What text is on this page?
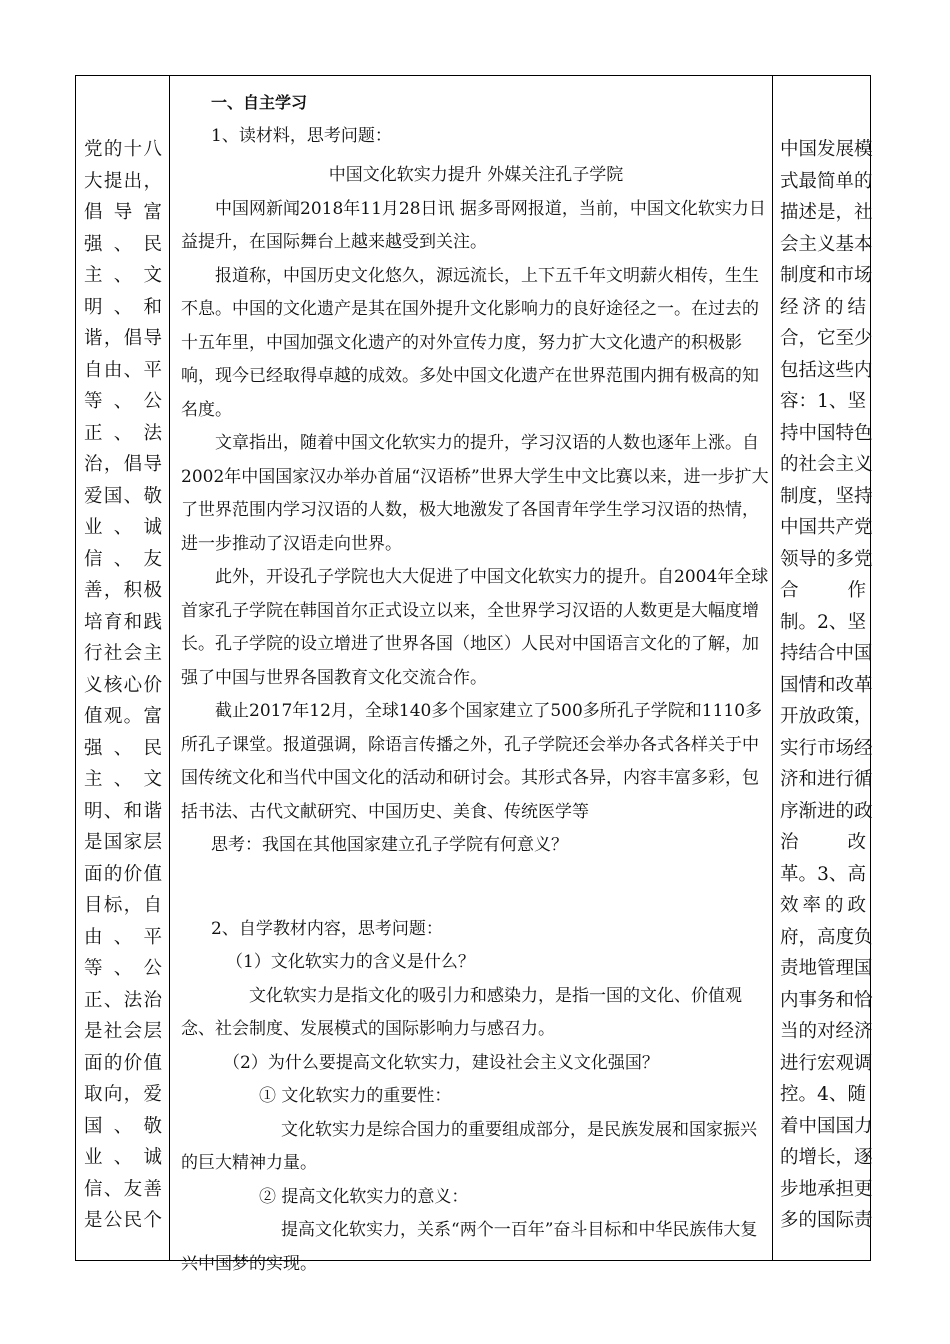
党的十八
大提出，
倡导富
强、民
主、文
明、和
谐，倡导
自由、平
等、公
正、法
治，倡导
爱国、敬
业、诚
信、友
善，积极
培育和践
行社会主
义核心价
值观。富
强、民
主、文
明、和谐
是国家层
面的价值
目标，自
由、平
等、公
正、法治
是社会层
面的价值
取向，爱
国、敬
业、诚
信、友善
是公民个

一、自主学习

1、读材料，思考问题：

中国文化软实力提升 外媒关注孔子学院

中国网新闻2018年11月28日讯 据多哥网报道，当前，中国文化软实力日益提升，在国际舞台上越来越受到关注。

报道称，中国历史文化悠久，源远流长，上下五千年文明薪火相传，生生不息。中国的文化遗产是其在国外提升文化影响力的良好途径之一。在过去的十五年里，中国加强文化遗产的对外宣传力度，努力扩大文化遗产的积极影响，现今已经取得卓越的成效。多处中国文化遗产在世界范围内拥有极高的知名度。

文章指出，随着中国文化软实力的提升，学习汉语的人数也逐年上涨。自2002年中国国家汉办举办首届“汉语桥”世界大学生中文比赛以来，进一步扩大了世界范围内学习汉语的人数，极大地激发了各国青年学生学习汉语的热情，进一步推动了汉语走向世界。

此外，开设孔子学院也大大促进了中国文化软实力的提升。自2004年全球首家孔子学院在韩国首尔正式设立以来，全世界学习汉语的人数更是大幅度增长。孔子学院的设立增进了世界各国（地区）人民对中国语言文化的了解，加强了中国与世界各国教育文化交流合作。

截止2017年12月，全球140多个国家建立了500多所孔子学院和1110多所孔子课堂。报道强调，除语言传播之外，孔子学院还会举办各式各样关于中国传统文化和当代中国文化的活动和研讨会。其形式各异，内容丰富多彩，包括书法、古代文献研究、中国历史、美食、传统医学等

思考：我国在其他国家建立孔子学院有何意义？

2、自学教材内容，思考问题：

（1）文化软实力的含义是什么？

文化软实力是指文化的吸引力和感染力，是指一国的文化、价值观念、社会制度、发展模式的国际影响力与感召力。

（2）为什么要提高文化软实力，建设社会主义文化强国？

① 文化软实力的重要性：

文化软实力是综合国力的重要组成部分，是民族发展和国家振兴的巨大精神力量。

② 提高文化软实力的意义：

提高文化软实力，关系“两个一百年”奋斗目标和中华民族伟大复兴中国梦的实现。

中国发展模
式最简单的
描述是，社
会主义基本
制度和市场
经济的结
合，它至少
包括这些内
容：1、坚
持中国特色
的社会主义
制度，坚持
中国共产党
领导的多党
合作
制。2、坚
持结合中国
国情和改革
开放政策，
实行市场经
济和进行循
序渐进的政
治改
革。3、高
效率的政
府，高度负
责地管理国
内事务和恰
当的对经济
进行宏观调
控。4、随
着中国国力
的增长，逐
步地承担更
多的国际责
